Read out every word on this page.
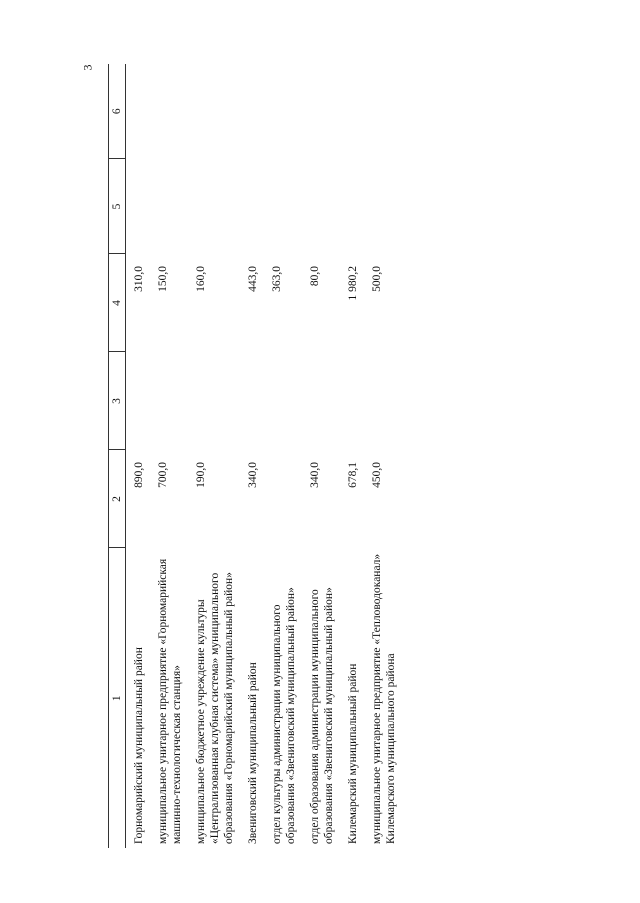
3
1	2	3	4	5	6
Горномарийский муниципальный район	890,0		310,0		
муниципальное унитарное предприятие «Горномарийская машинно-технологическая станция»	700,0		150,0		
муниципальное бюджетное учреждение культуры «Централизованная клубная система» муниципального образования «Горномарийский муниципальный район»	190,0		160,0		
Звениговский муниципальный район	340,0		443,0		
отдел культуры администрации муниципального образования «Звениговский муниципальный район»			363,0		
отдел образования администрации муниципального образования «Звениговский муниципальный район»	340,0		80,0		
Килемарский муниципальный район	678,1		1 980,2		
муниципальное унитарное предприятие «Тепловодоканал» Килемарского муниципального района	450,0		500,0		
